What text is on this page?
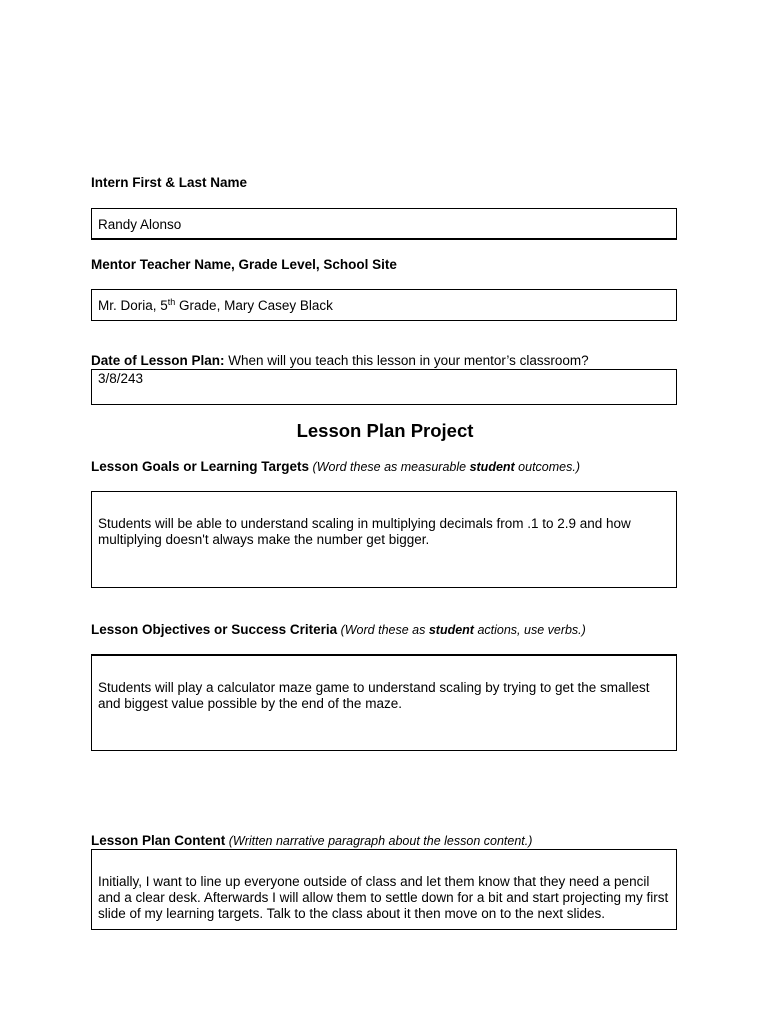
Intern First & Last Name
Randy Alonso
Mentor Teacher Name, Grade Level, School Site
Mr. Doria, 5th Grade, Mary Casey Black
Date of Lesson Plan: When will you teach this lesson in your mentor’s classroom?
3/8/243
Lesson Plan Project
Lesson Goals or Learning Targets (Word these as measurable student outcomes.)
Students will be able to understand scaling in multiplying decimals from .1 to 2.9 and how multiplying doesn't always make the number get bigger.
Lesson Objectives or Success Criteria (Word these as student actions, use verbs.)
Students will play a calculator maze game to understand scaling by trying to get the smallest and biggest value possible by the end of the maze.
Lesson Plan Content (Written narrative paragraph about the lesson content.)
Initially, I want to line up everyone outside of class and let them know that they need a pencil and a clear desk. Afterwards I will allow them to settle down for a bit and start projecting my first slide of my learning targets. Talk to the class about it then move on to the next slides.
